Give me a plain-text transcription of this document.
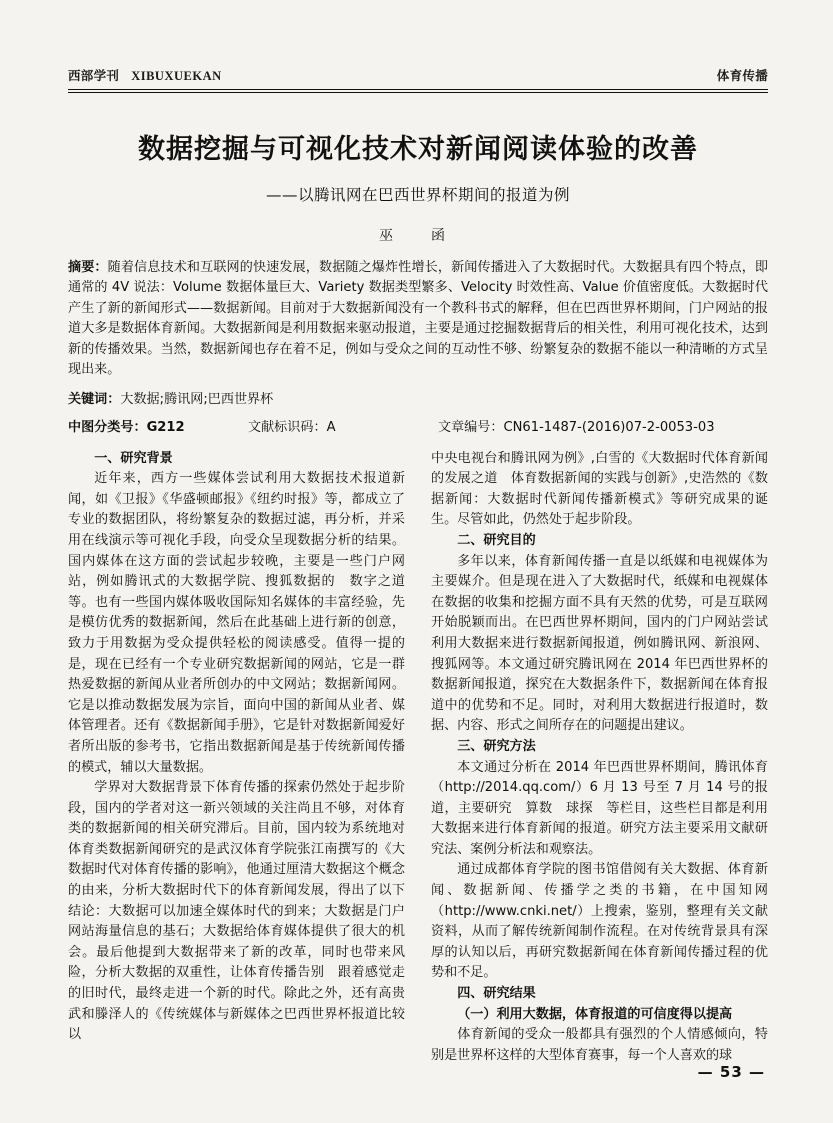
西部学刊 XIBUXUEKAN	体育传播
数据挖掘与可视化技术对新闻阅读体验的改善
——以腾讯网在巴西世界杯期间的报道为例
巫　函
摘要：随着信息技术和互联网的快速发展，数据随之爆炸性增长，新闻传播进入了大数据时代。大数据具有四个特点，即通常的 4V 说法：Volume 数据体量巨大、Variety 数据类型繁多、Velocity 时效性高、Value 价值密度低。大数据时代产生了新的新闻形式——数据新闻。目前对于大数据新闻没有一个教科书式的解释，但在巴西世界杯期间，门户网站的报道大多是数据体育新闻。大数据新闻是利用数据来驱动报道，主要是通过挖掘数据背后的相关性，利用可视化技术，达到新的传播效果。当然，数据新闻也存在着不足，例如与受众之间的互动性不够、纷繁复杂的数据不能以一种清晰的方式呈现出来。
关键词：大数据;腾讯网;巴西世界杯
中图分类号：G212	文献标识码：A	文章编号：CN61-1487-(2016)07-2-0053-03
一、研究背景

近年来，西方一些媒体尝试利用大数据技术报道新闻，如《卫报》《华盛顿邮报》《纽约时报》等，都成立了专业的数据团队，将纷繁复杂的数据过滤，再分析，并采用在线演示等可视化手段，向受众呈现数据分析的结果。国内媒体在这方面的尝试起步较晚，主要是一些门户网站，例如腾讯式的大数据学院、搜狐数据的　数字之道　等。也有一些国内媒体吸收国际知名媒体的丰富经验，先是模仿优秀的数据新闻，然后在此基础上进行新的创意，致力于用数据为受众提供轻松的阅读感受。值得一提的是，现在已经有一个专业研究数据新闻的网站，它是一群热爱数据的新闻从业者所创办的中文网站；数据新闻网。它是以推动数据发展为宗旨，面向中国的新闻从业者、媒体管理者。还有《数据新闻手册》，它是针对数据新闻爱好者所出版的参考书，它指出数据新闻是基于传统新闻传播的模式，辅以大量数据。

学界对大数据背景下体育传播的探索仍然处于起步阶段，国内的学者对这一新兴领域的关注尚且不够，对体育类的数据新闻的相关研究滞后。目前，国内较为系统地对体育类数据新闻研究的是武汉体育学院张江南撰写的《大数据时代对体育传播的影响》，他通过厘清大数据这个概念的由来，分析大数据时代下的体育新闻发展，得出了以下结论：大数据可以加速全媒体时代的到来；大数据是门户网站海量信息的基石；大数据给体育媒体提供了很大的机会。最后他提到大数据带来了新的改革，同时也带来风险，分析大数据的双重性，让体育传播告别　跟着感觉走　的旧时代，最终走进一个新的时代。除此之外，还有高贵武和滕泽人的《传统媒体与新媒体之巴西世界杯报道比较　　以

中央电视台和腾讯网为例》,白雪的《大数据时代体育新闻的发展之道　体育数据新闻的实践与创新》,史浩然的《数据新闻：大数据时代新闻传播新模式》等研究成果的诞生。尽管如此，仍然处于起步阶段。

二、研究目的

多年以来，体育新闻传播一直是以纸媒和电视媒体为主要媒介。但是现在进入了大数据时代，纸媒和电视媒体在数据的收集和挖掘方面不具有天然的优势，可是互联网开始脱颖而出。在巴西世界杯期间，国内的门户网站尝试利用大数据来进行数据新闻报道，例如腾讯网、新浪网、搜狐网等。本文通过研究腾讯网在 2014 年巴西世界杯的数据新闻报道，探究在大数据条件下，数据新闻在体育报道中的优势和不足。同时，对利用大数据进行报道时，数据、内容、形式之间所存在的问题提出建议。

三、研究方法

本文通过分析在 2014 年巴西世界杯期间，腾讯体育（http://2014.qq.com/）6 月 13 号至 7 月 14 号的报道，主要研究　算数　球探　等栏目，这些栏目都是利用大数据来进行体育新闻的报道。研究方法主要采用文献研究法、案例分析法和观察法。

通过成都体育学院的图书馆借阅有关大数据、体育新闻、数据新闻、传播学之类的书籍，在中国知网（http://www.cnki.net/）上搜索，鉴别，整理有关文献资料，从而了解传统新闻制作流程。在对传统背景具有深厚的认知以后，再研究数据新闻在体育新闻传播过程的优势和不足。

四、研究结果
（一）利用大数据，体育报道的可信度得以提高

体育新闻的受众一般都具有强烈的个人情感倾向，特别是世界杯这样的大型体育赛事，每一个人喜欢的球

— 53 —
